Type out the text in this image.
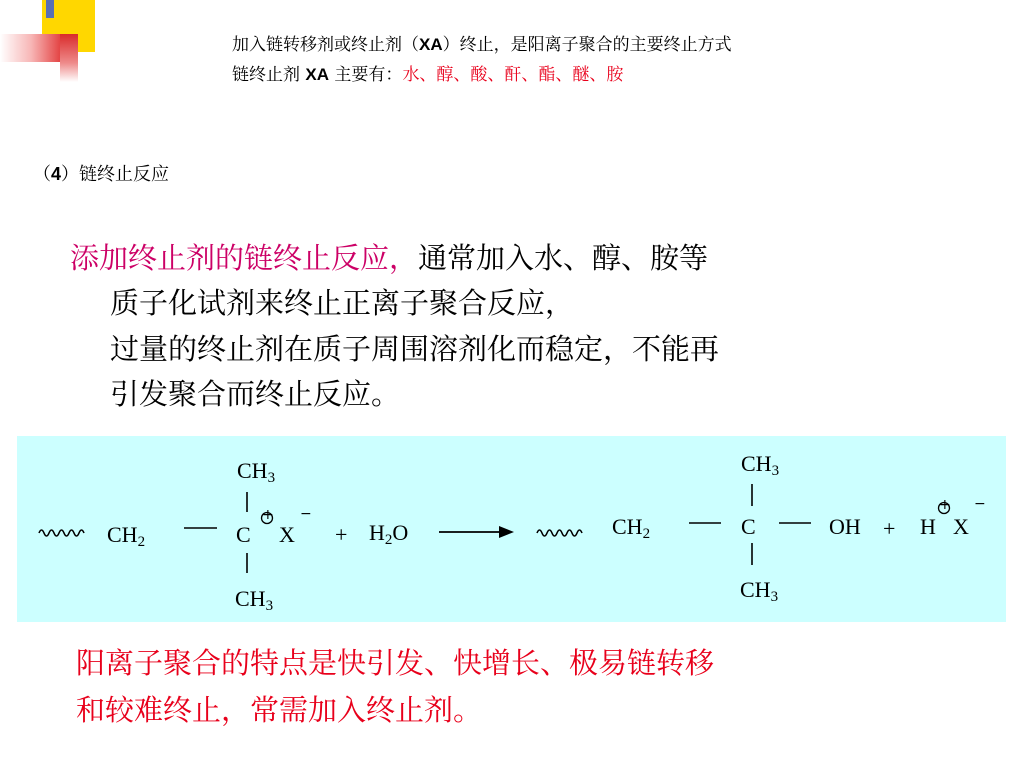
加入链转移剂或终止剂（XA）终止，是阳离子聚合的主要终止方式
链终止剂 XA 主要有：水、醇、酸、酐、酯、醚、胺
（4）链终止反应
添加终止剂的链终止反应，通常加入水、醇、胺等
质子化试剂来终止正离子聚合反应，
过量的终止剂在质子周围溶剂化而稳定，不能再
引发聚合而终止反应。
$CH_3$
$CH_2$	C
+
X
−
+ $H_2O$
$CH_3$
$CH_3$
$CH_2$	C	OH + H
+
X
−
$CH_3$
阳离子聚合的特点是快引发、快增长、极易链转移
和较难终止，常需加入终止剂。
